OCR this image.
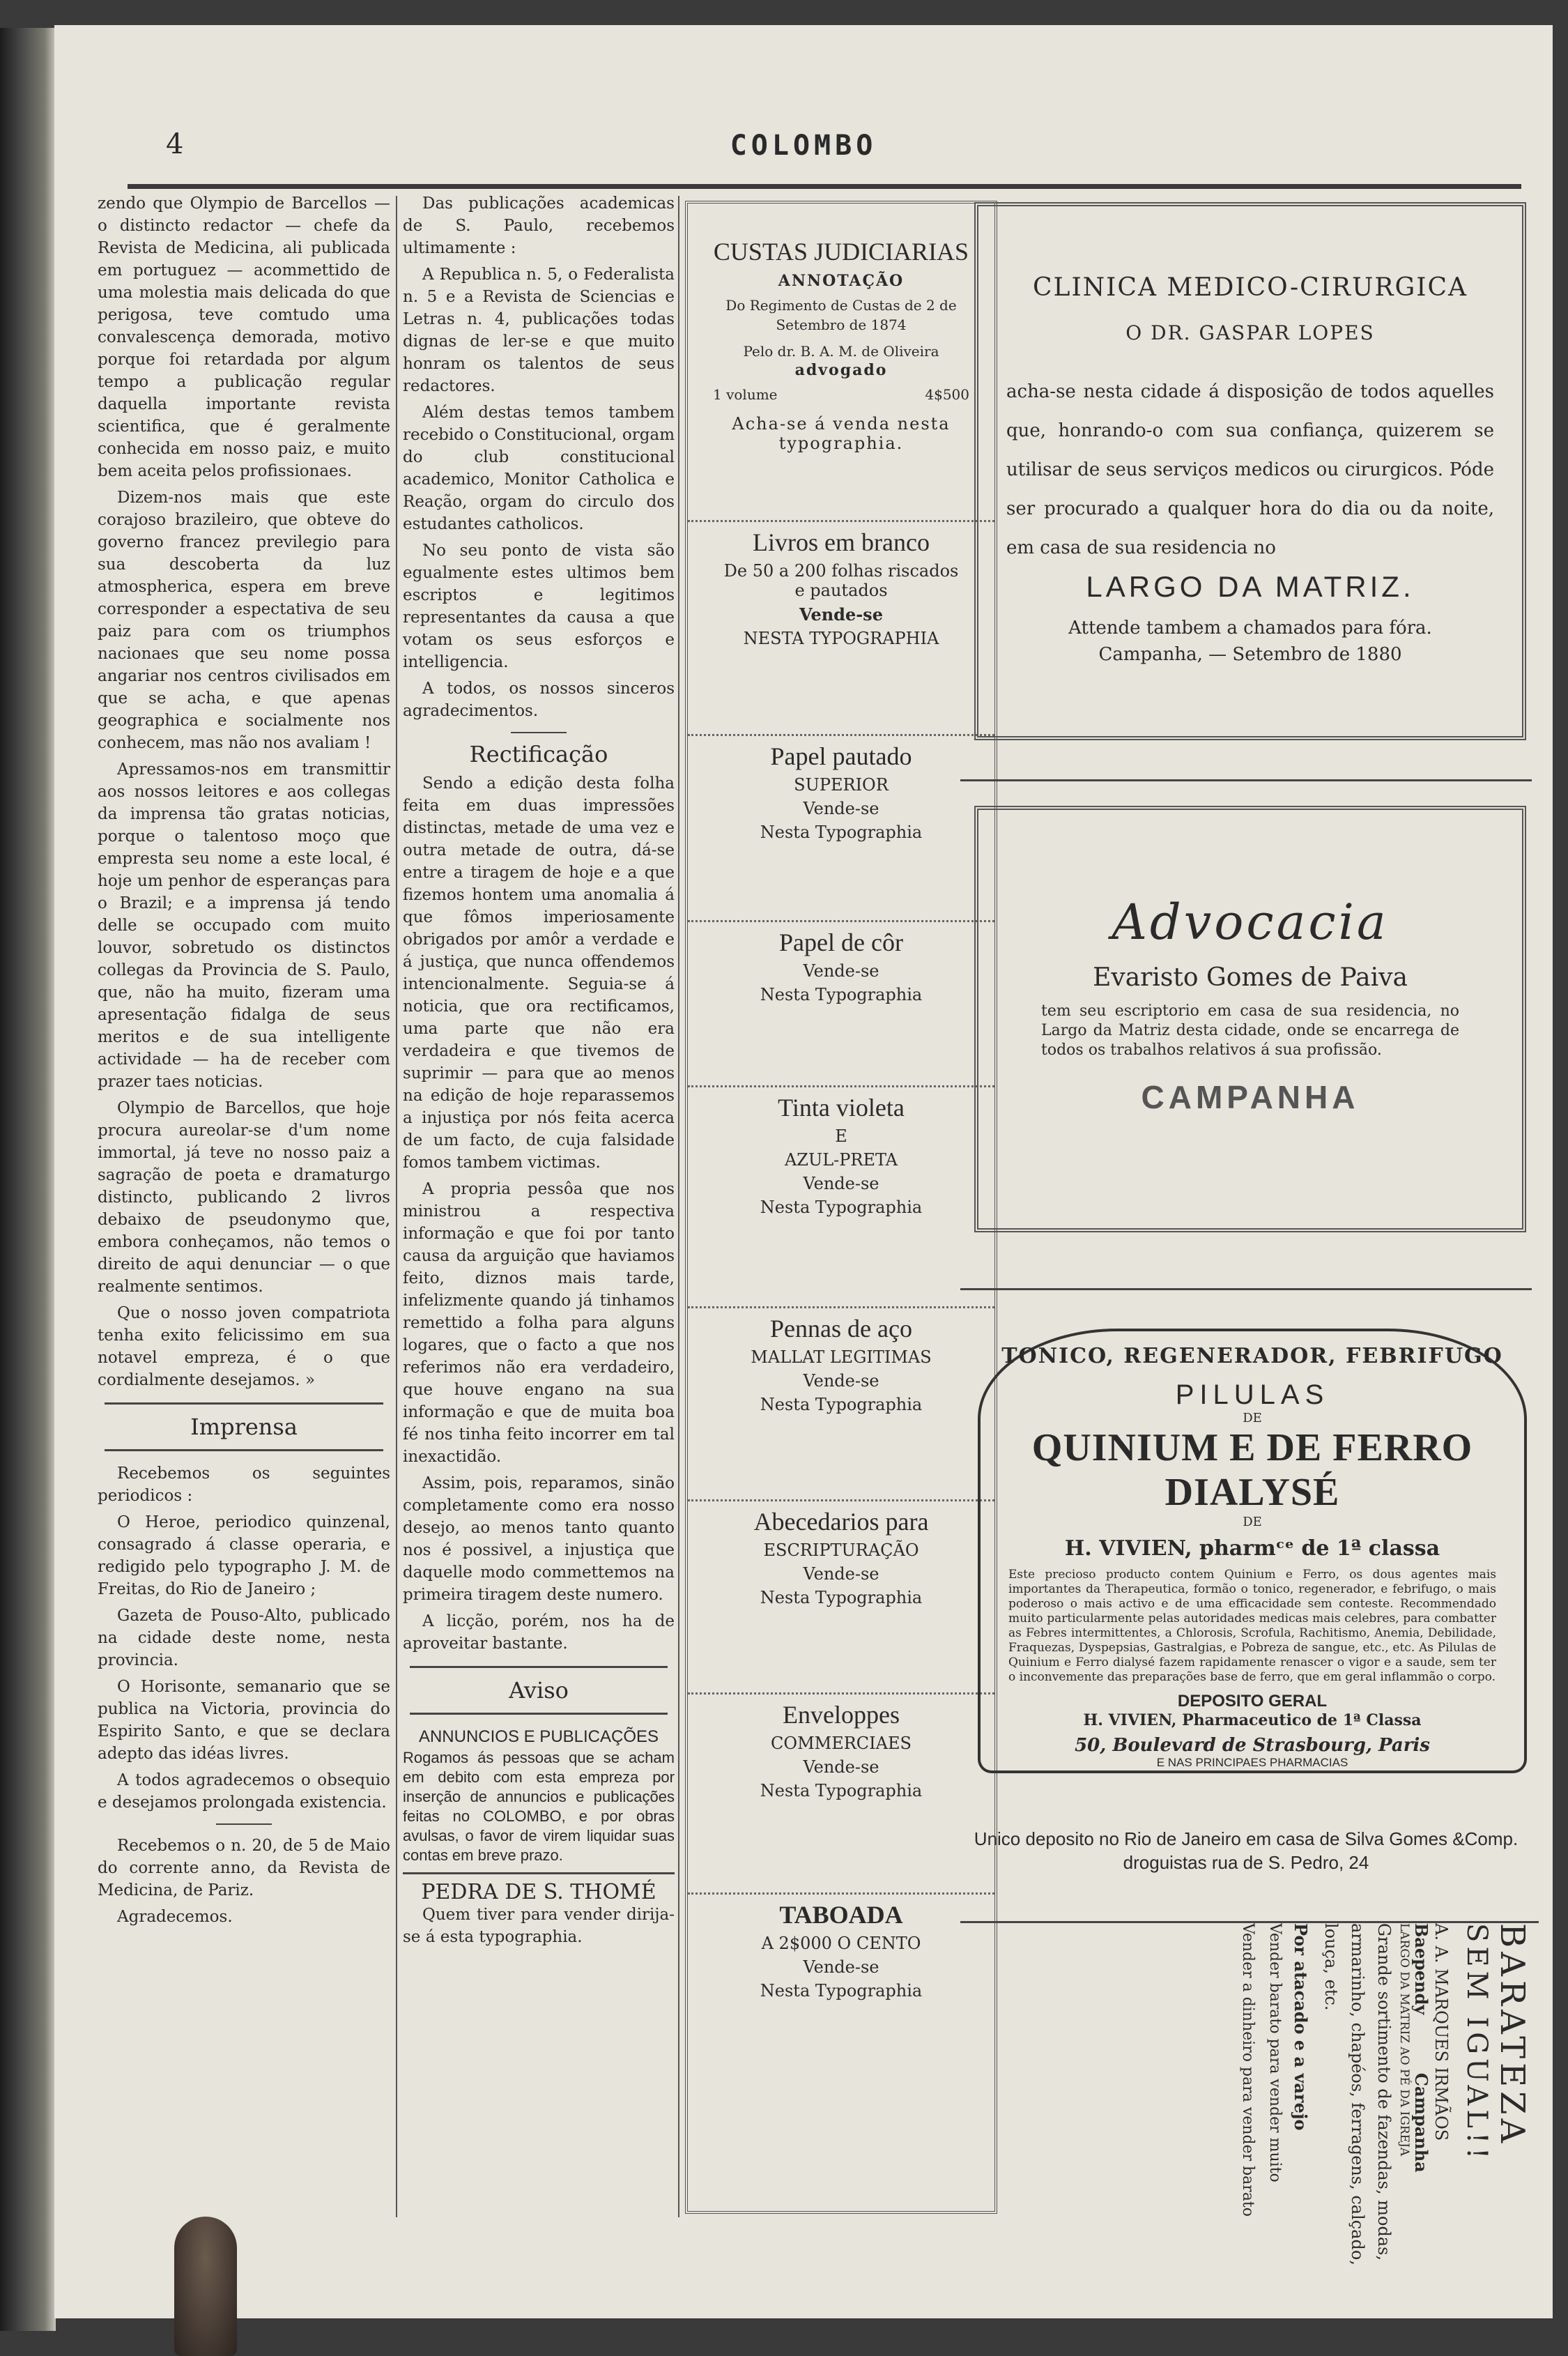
4	COLOMBO

zendo que Olympio de Barcellos — o distincto redactor — chefe da Revista de Medicina, ali publicada em portuguez — acommettido de uma molestia mais delicada do que perigosa, teve comtudo uma convalescença demorada, motivo porque foi retardada por algum tempo a publicação regular daquella importante revista scientifica, que é geralmente conhecida em nosso paiz, e muito bem aceita pelos profissionaes.

Dizem-nos mais que este corajoso brazileiro, que obteve do governo francez previlegio para sua descoberta da luz atmospherica, espera em breve corresponder a espectativa de seu paiz para com os triumphos nacionaes que seu nome possa angariar nos centros civilisados em que se acha, e que apenas geographica e socialmente nos conhecem, mas não nos avaliam !

Apressamos-nos em transmittir aos nossos leitores e aos collegas da imprensa tão gratas noticias, porque o talentoso moço que empresta seu nome a este local, é hoje um penhor de esperanças para o Brazil; e a imprensa já tendo delle se occupado com muito louvor, sobretudo os distinctos collegas da Provincia de S. Paulo, que, não ha muito, fizeram uma apresentação fidalga de seus meritos e de sua intelligente actividade — ha de receber com prazer taes noticias.

Olympio de Barcellos, que hoje procura aureolar-se d'um nome immortal, já teve no nosso paiz a sagração de poeta e dramaturgo distincto, publicando 2 livros debaixo de pseudonymo que, embora conheçamos, não temos o direito de aqui denunciar — o que realmente sentimos.

Que o nosso joven compatriota tenha exito felicissimo em sua notavel empreza, é o que cordialmente desejamos. »

Imprensa

Recebemos os seguintes periodicos :

O Heroe, periodico quinzenal, consagrado á classe operaria, e redigido pelo typographo J. M. de Freitas, do Rio de Janeiro ;

Gazeta de Pouso-Alto, publicado na cidade deste nome, nesta provincia.

O Horisonte, semanario que se publica na Victoria, provincia do Espirito Santo, e que se declara adepto das idéas livres.

A todos agradecemos o obsequio e desejamos prolongada existencia.

Recebemos o n. 20, de 5 de Maio do corrente anno, da Revista de Medicina, de Pariz.

Agradecemos.

Das publicações academicas de S. Paulo, recebemos ultimamente :

A Republica n. 5, o Federalista n. 5 e a Revista de Sciencias e Letras n. 4, publicações todas dignas de ler-se e que muito honram os talentos de seus redactores.

Além destas temos tambem recebido o Constitucional, orgam do club constitucional academico, Monitor Catholica e Reação, orgam do circulo dos estudantes catholicos.

No seu ponto de vista são egualmente estes ultimos bem escriptos e legitimos representantes da causa a que votam os seus esforços e intelligencia.

A todos, os nossos sinceros agradecimentos.

Rectificação

Sendo a edição desta folha feita em duas impressões distinctas, metade de uma vez e outra metade de outra, dá-se entre a tiragem de hoje e a que fizemos hontem uma anomalia á que fômos imperiosamente obrigados por amôr a verdade e á justiça, que nunca offendemos intencionalmente. Seguia-se á noticia, que ora rectificamos, uma parte que não era verdadeira e que tivemos de suprimir — para que ao menos na edição de hoje reparassemos a injustiça por nós feita acerca de um facto, de cuja falsidade fomos tambem victimas.

A propria pessôa que nos ministrou a respectiva informação e que foi por tanto causa da arguição que haviamos feito, diznos mais tarde, infelizmente quando já tinhamos remettido a folha para alguns logares, que o facto a que nos referimos não era verdadeiro, que houve engano na sua informação e que de muita boa fé nos tinha feito incorrer em tal inexactidão.

Assim, pois, reparamos, sinão completamente como era nosso desejo, ao menos tanto quanto nos é possivel, a injustiça que daquelle modo commettemos na primeira tiragem deste numero.

A licção, porém, nos ha de aproveitar bastante.

Aviso
ANNUNCIOS E PUBLICAÇÕES

Rogamos ás pessoas que se acham em debito com esta empreza por inserção de annuncios e publicações feitas no COLOMBO, e por obras avulsas, o favor de virem liquidar suas contas em breve prazo.

PEDRA DE S. THOMÉ

Quem tiver para vender dirija-se á esta typographia.

CUSTAS JUDICIARIAS
ANNOTAÇÃO
Do Regimento de Custas de 2 de Setembro de 1874
Pelo dr. B. A. M. de Oliveira
advogado
1 volume	4$500
Acha-se á venda nesta typographia.
Livros em branco
De 50 a 200 folhas riscados e pautados
Vende-se
NESTA TYPOGRAPHIA
Papel pautado
SUPERIOR
Vende-se
Nesta Typographia
Papel de côr
Vende-se
Nesta Typographia
Tinta violeta
E
AZUL-PRETA
Vende-se
Nesta Typographia
Pennas de aço
MALLAT LEGITIMAS
Vende-se
Nesta Typographia
Abecedarios para
ESCRIPTURAÇÃO
Vende-se
Nesta Typographia
Enveloppes
COMMERCIAES
Vende-se
Nesta Typographia
TABOADA
A 2$000 O CENTO
Vende-se
Nesta Typographia
CLINICA MEDICO-CIRURGICA
O DR. GASPAR LOPES
acha-se nesta cidade á disposição de todos aquelles que, honrando-o com sua confiança, quizerem se utilisar de seus serviços medicos ou cirurgicos. Póde ser procurado a qualquer hora do dia ou da noite, em casa de sua residencia no
LARGO DA MATRIZ.
Attende tambem a chamados para fóra.
Campanha, — Setembro de 1880
Advocacia
Evaristo Gomes de Paiva
tem seu escriptorio em casa de sua residencia, no Largo da Matriz desta cidade, onde se encarrega de todos os trabalhos relativos á sua profissão.
CAMPANHA
TONICO, REGENERADOR, FEBRIFUGO
PILULAS
DE
QUINIUM E DE FERRO DIALYSÉ
DE
H. VIVIEN, pharmᶜᵉ de 1ª classa
Este precioso producto contem Quinium e Ferro, os dous agentes mais importantes da Therapeutica, formão o tonico, regenerador, e febrifugo, o mais poderoso o mais activo e de uma efficacidade sem conteste. Recommendado muito particularmente pelas autoridades medicas mais celebres, para combatter as Febres intermittentes, a Chlorosis, Scrofula, Rachitismo, Anemia, Debilidade, Fraquezas, Dyspepsias, Gastralgias, e Pobreza de sangue, etc., etc. As Pilulas de Quinium e Ferro dialysé fazem rapidamente renascer o vigor e a saude, sem ter o inconvemente das preparações base de ferro, que em geral inflammão o corpo.
DEPOSITO GERAL
H. VIVIEN, Pharmaceutico de 1ª Classa
50, Boulevard de Strasbourg, Paris
E NAS PRINCIPAES PHARMACIAS
Unico deposito no Rio de Janeiro em casa de Silva Gomes &Comp.
droguistas rua de S. Pedro, 24
BARATEZA
SEM IGUAL!!
A. A. MARQUES IRMÃOS
Baependy          Campanha
LARGO DA MATRIZ AO PÉ DA IGREJA
Grande sortimento de fazendas, modas, armarinho, chapéos, ferragens, calçado, louça, etc.
Por atacado e a varejo
Vender barato para vender muito
Vender a dinheiro para vender barato
